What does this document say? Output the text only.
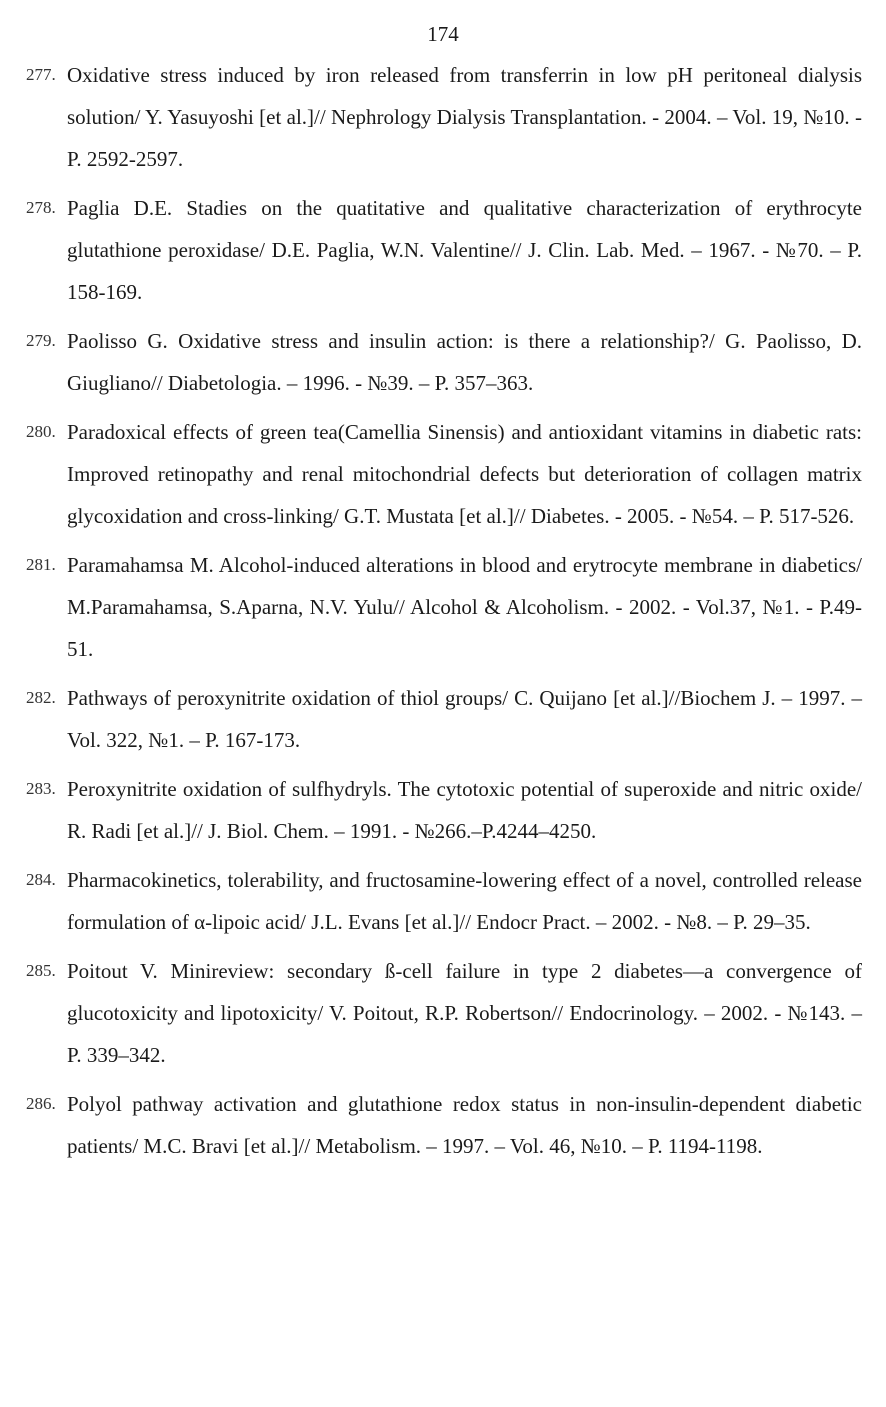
174
277. Oxidative stress induced by iron released from transferrin in low pH peritoneal dialysis solution/ Y. Yasuyoshi [et al.]// Nephrology Dialysis Transplantation. - 2004. – Vol. 19, №10. - P. 2592-2597.
278. Paglia D.E. Stadies on the quatitative and qualitative characterization of erythrocyte glutathione peroxidase/ D.E. Paglia, W.N. Valentine// J. Clin. Lab. Med. – 1967. - №70. – P. 158-169.
279. Paolisso G. Oxidative stress and insulin action: is there a relationship?/ G. Paolisso, D. Giugliano// Diabetologia. – 1996. - №39. – P. 357–363.
280. Paradoxical effects of green tea(Camellia Sinensis) and antioxidant vitamins in diabetic rats: Improved retinopathy and renal mitochondrial defects but deterioration of collagen matrix glycoxidation and cross-linking/ G.T. Mustata [et al.]// Diabetes. - 2005. - №54. – P. 517-526.
281. Paramahamsa M. Alcohol-induced alterations in blood and erytrocyte membrane in diabetics/ M.Paramahamsa, S.Aparna, N.V. Yulu// Alcohol & Alcoholism. - 2002. - Vol.37, №1. - P.49-51.
282. Pathways of peroxynitrite oxidation of thiol groups/ C. Quijano [et al.]//Biochem J. – 1997. – Vol. 322, №1. – P. 167-173.
283. Peroxynitrite oxidation of sulfhydryls. The cytotoxic potential of superoxide and nitric oxide/ R. Radi [et al.]// J. Biol. Chem. – 1991. - №266.–P.4244–4250.
284. Pharmacokinetics, tolerability, and fructosamine-lowering effect of a novel, controlled release formulation of α-lipoic acid/ J.L. Evans [et al.]// Endocr Pract. – 2002. - №8. – P. 29–35.
285. Poitout V. Minireview: secondary ß-cell failure in type 2 diabetes—a convergence of glucotoxicity and lipotoxicity/ V. Poitout, R.P. Robertson// Endocrinology. – 2002. - №143. – P. 339–342.
286. Polyol pathway activation and glutathione redox status in non-insulin-dependent diabetic patients/ M.C. Bravi [et al.]// Metabolism. – 1997. – Vol. 46, №10. – P. 1194-1198.
